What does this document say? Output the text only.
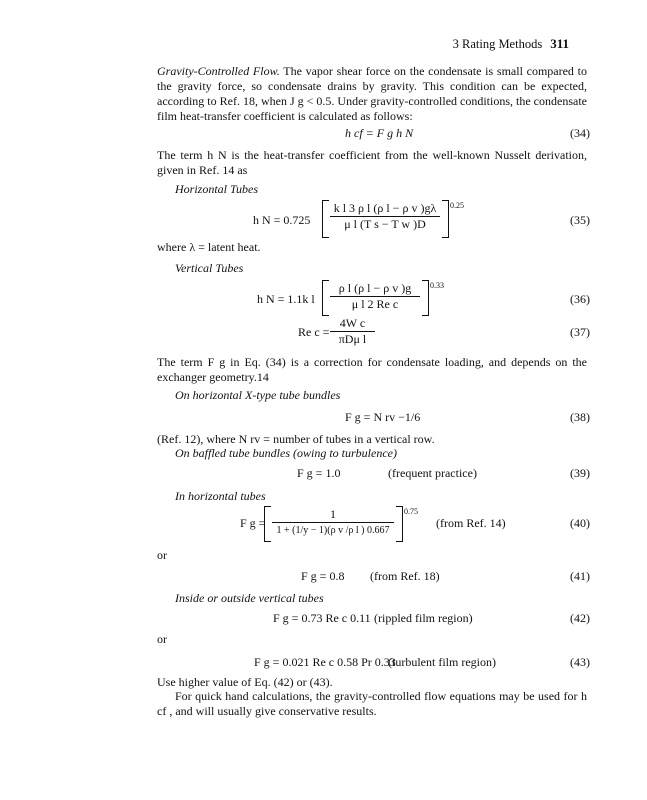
3 Rating Methods 311
Gravity-Controlled Flow. The vapor shear force on the condensate is small compared to the gravity force, so condensate drains by gravity. This condition can be expected, according to Ref. 18, when J g < 0.5. Under gravity-controlled conditions, the condensate film heat-transfer coefficient is calculated as follows:
h cf = F g h N	(34)
The term h N is the heat-transfer coefficient from the well-known Nusselt derivation, given in Ref. 14 as
Horizontal Tubes
h $N = 0.725 \frac{\text{k l 3 ρ l (ρ l − ρ v )gλ}}{\text{μ l (T s − T w )D}} 0.25$
(35)
where λ = latent heat.
Vertical Tubes
h N = 1.1k l $\frac{\text{ρ l (ρ l − ρ v )g}}{\text{μ l 2 Re c}} 0.33$
(36)
Re $c = \frac{\text{4W c}}{\text{πDμ l}}$	(37)
The term F g in Eq. (34) is a correction for condensate loading, and depends on the exchanger geometry.14
On horizontal X-type tube bundles
F g = N rv −1/6	(38)
(Ref. 12), where N rv = number of tubes in a vertical row.
On baffled tube bundles (owing to turbulence)
F g = 1.0	(frequent practice)	(39)
In horizontal tubes
F $g = \frac{1}{\text{1 + (1/y − 1)(ρ v /ρ l ) 0.667}} 0.75$
(from Ref. 14)	(40)
or
F g = 0.8 (from Ref. 18)	(41)
Inside or outside vertical tubes
F g = 0.73 Re c 0.11 (rippled film region)	(42)
or
F g = 0.021 Re c 0.58 Pr 0.33
(turbulent film region)	(43)
Use higher value of Eq. (42) or (43).
For quick hand calculations, the gravity-controlled flow equations may be used for h cf , and will usually give conservative results.
